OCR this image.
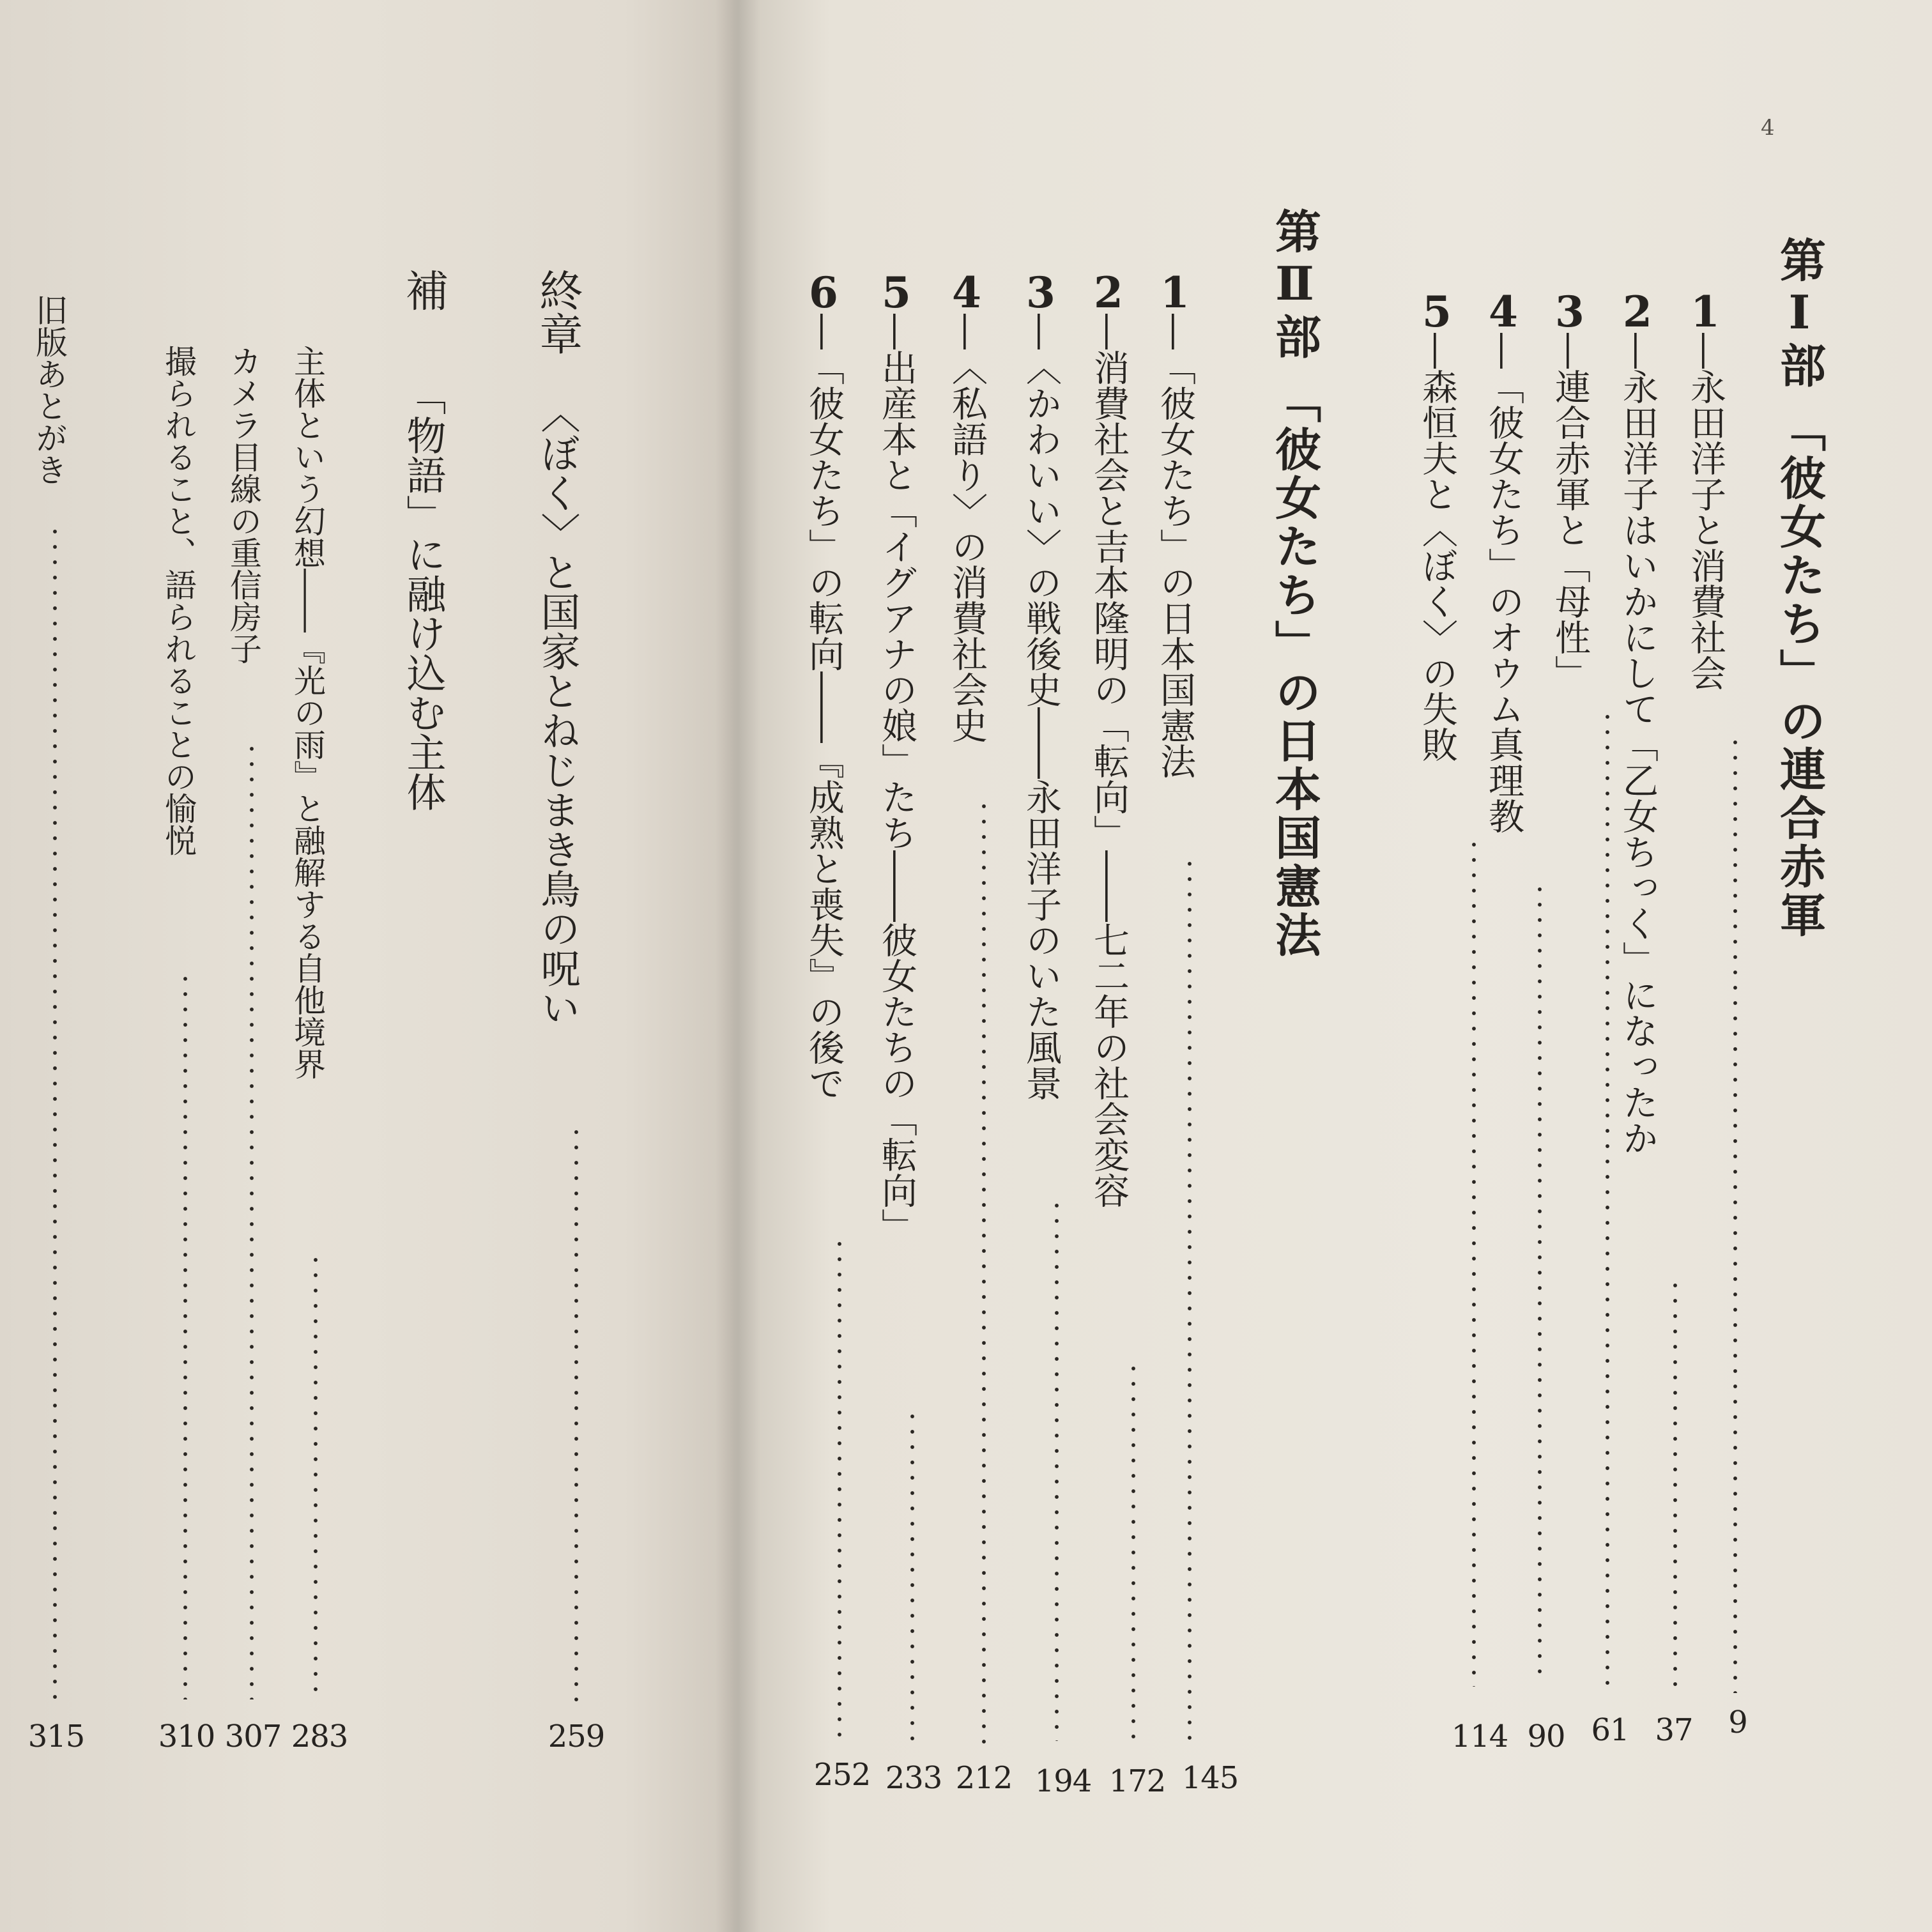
4
第Ⅰ部「彼女たち」の連合赤軍
1―永田洋子と消費社会
2―永田洋子はいかにして「乙女ちっく」になったか
3―連合赤軍と「母性」
4―「彼女たち」のオウム真理教
5―森恒夫と〈ぼく〉の失敗
9
37
61
90
114
第Ⅱ部「彼女たち」の日本国憲法
1―「彼女たち」の日本国憲法
2―消費社会と吉本隆明の「転向」――七二年の社会変容
3―〈かわいい〉の戦後史――永田洋子のいた風景
4―〈私語り〉の消費社会史
5―出産本と「イグアナの娘」たち――彼女たちの「転向」
6―「彼女たち」の転向――『成熟と喪失』の後で
145
172
194
212
233
252
終章〈ぼく〉と国家とねじまき鳥の呪い
259
補「物語」に融け込む主体
主体という幻想――『光の雨』と融解する自他境界
カメラ目線の重信房子
撮られること、語られることの愉悦
283
307
310
旧版あとがき
315
